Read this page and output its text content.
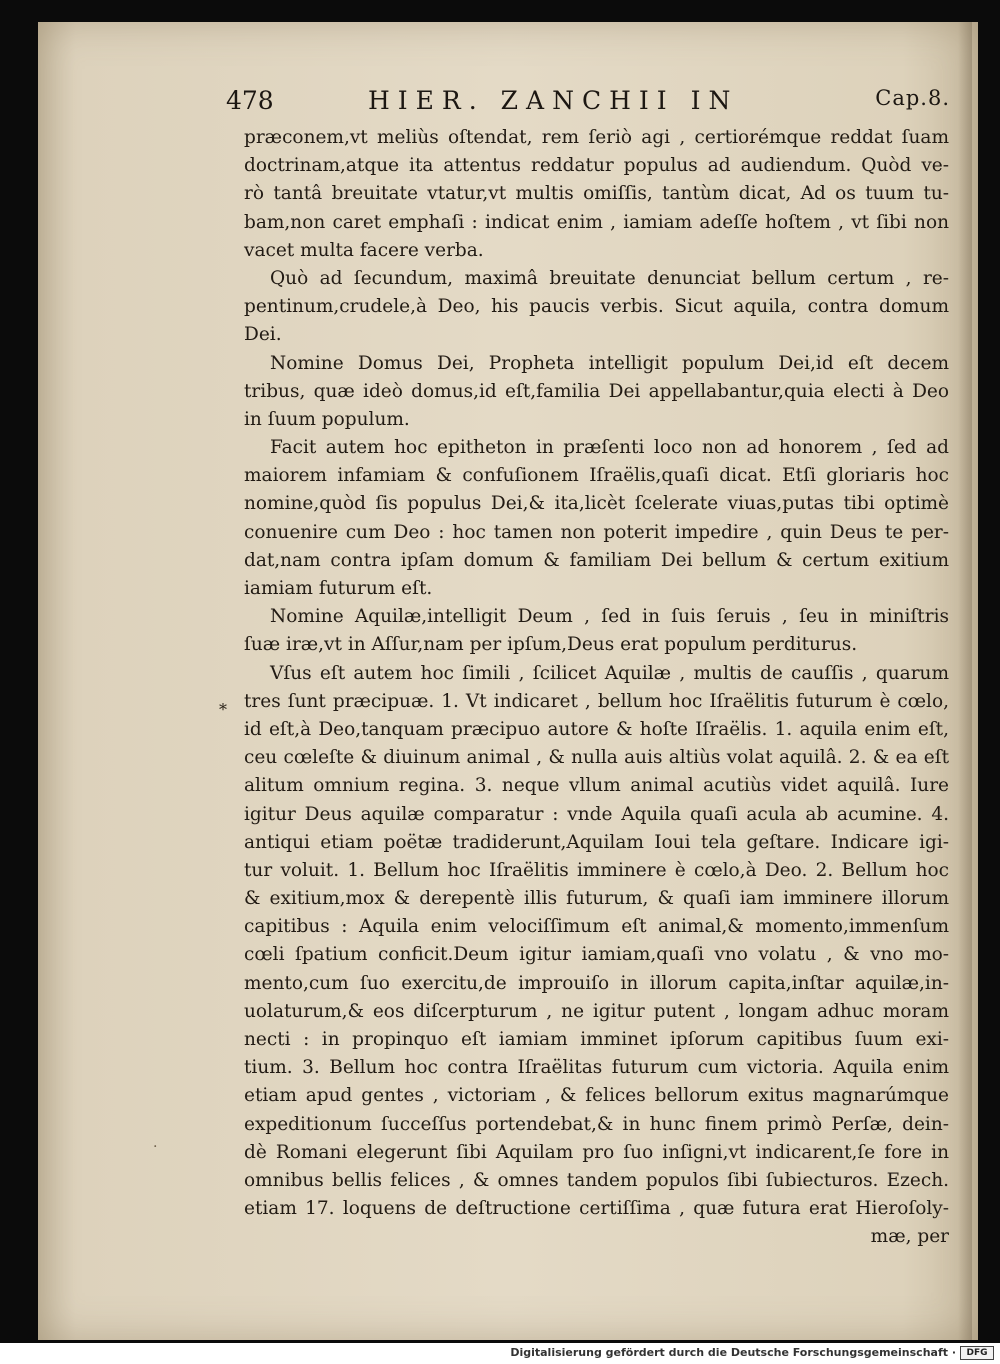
478	HIER. ZANCHII IN	Cap.8.
præconem,vt meliùs oſtendat, rem ſeriò agi , certiorémque reddat ſuam
doctrinam,atque ita attentus reddatur populus ad audiendum. Quòd ve-
rò tantâ breuitate vtatur,vt multis omiſſis, tantùm dicat, Ad os tuum tu-
bam,non caret emphaſi : indicat enim , iamiam adeſſe hoſtem , vt ſibi non
vacet multa facere verba.
Quò ad ſecundum, maximâ breuitate denunciat bellum certum , re-
pentinum,crudele,à Deo, his paucis verbis. Sicut aquila, contra domum
Dei.
Nomine Domus Dei, Propheta intelligit populum Dei,id eſt decem
tribus, quæ ideò domus,id eſt,familia Dei appellabantur,quia electi à Deo
in ſuum populum.
Facit autem hoc epitheton in præſenti loco non ad honorem , ſed ad
maiorem infamiam & confuſionem Iſraëlis,quaſi dicat. Etſi gloriaris hoc
nomine,quòd ſis populus Dei,& ita,licèt ſcelerate viuas,putas tibi optimè
conuenire cum Deo : hoc tamen non poterit impedire , quin Deus te per-
dat,nam contra ipſam domum & familiam Dei bellum & certum exitium
iamiam futurum eſt.
Nomine Aquilæ,intelligit Deum , ſed in ſuis ſeruis , ſeu in miniſtris
ſuæ iræ,vt in Aſſur,nam per ipſum,Deus erat populum perditurus.
Vſus eſt autem hoc ſimili , ſcilicet Aquilæ , multis de cauſſis , quarum
tres ſunt præcipuæ. 1. Vt indicaret , bellum hoc Iſraëlitis futurum è cœlo,
id eſt,à Deo,tanquam præcipuo autore & hoſte Iſraëlis. 1. aquila enim eſt,
ceu cœleſte & diuinum animal , & nulla auis altiùs volat aquilâ. 2. & ea eſt
alitum omnium regina. 3. neque vllum animal acutiùs videt aquilâ. Iure
igitur Deus aquilæ comparatur : vnde Aquila quaſi acula ab acumine. 4.
antiqui etiam poëtæ tradiderunt,Aquilam Ioui tela geſtare. Indicare igi-
tur voluit. 1. Bellum hoc Iſraëlitis imminere è cœlo,à Deo. 2. Bellum hoc
& exitium,mox & derepentè illis futurum, & quaſi iam imminere illorum
capitibus : Aquila enim velociſſimum eſt animal,& momento,immenſum
cœli ſpatium conficit.Deum igitur iamiam,quaſi vno volatu , & vno mo-
mento,cum ſuo exercitu,de improuiſo in illorum capita,inſtar aquilæ,in-
uolaturum,& eos diſcerpturum , ne igitur putent , longam adhuc moram
necti : in propinquo eſt iamiam imminet ipſorum capitibus ſuum exi-
tium. 3. Bellum hoc contra Iſraëlitas futurum cum victoria. Aquila enim
etiam apud gentes , victoriam , & felices bellorum exitus magnarúmque
expeditionum ſucceſſus portendebat,& in hunc finem primò Perſæ, dein-
dè Romani elegerunt ſibi Aquilam pro ſuo inſigni,vt indicarent,ſe fore in
omnibus bellis felices , & omnes tandem populos ſibi ſubiecturos. Ezech.
etiam 17. loquens de deſtructione certiſſima , quæ futura erat Hieroſoly-
mæ, per
*
.
Digitalisierung gefördert durch die Deutsche Forschungsgemeinschaft ·	DFG
